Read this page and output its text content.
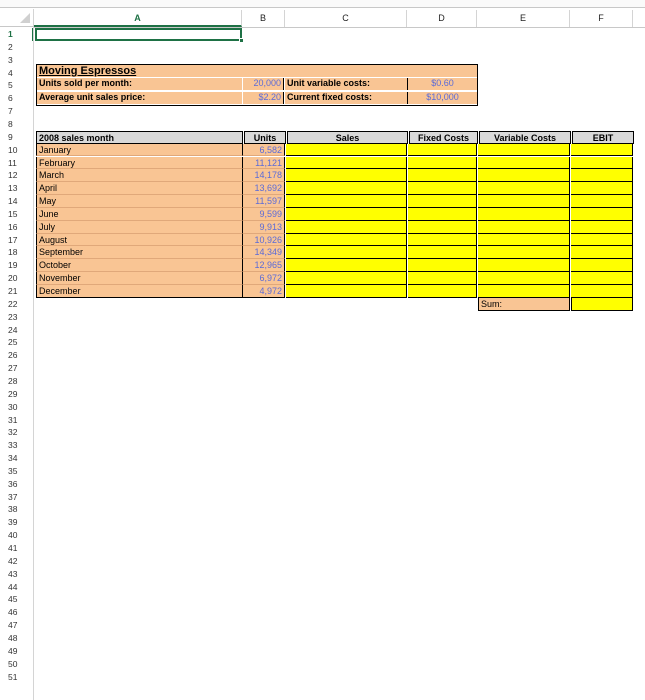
A	B	C	D	E	F
1
2
3
4
5
6
7
8
9
10
11
12
13
14
15
16
17
18
19
20
21
22
23
24
25
26
27
28
29
30
31
32
33
34
35
36
37
38
39
40
41
42
43
44
45
46
47
48
49
50
51
Moving Espressos
Units sold per month:	20,000 Unit variable costs:	$0.60
Average unit sales price:	$2.20 Current fixed costs:	$10,000
2008 sales month	Units	Sales	Fixed Costs	Variable Costs	EBIT
January	6,582
February	11,121
March	14,178
April	13,692
May	11,597
June	9,599
July	9,913
August	10,926
September	14,349
October	12,965
November	6,972
December	4,972
Sum:
